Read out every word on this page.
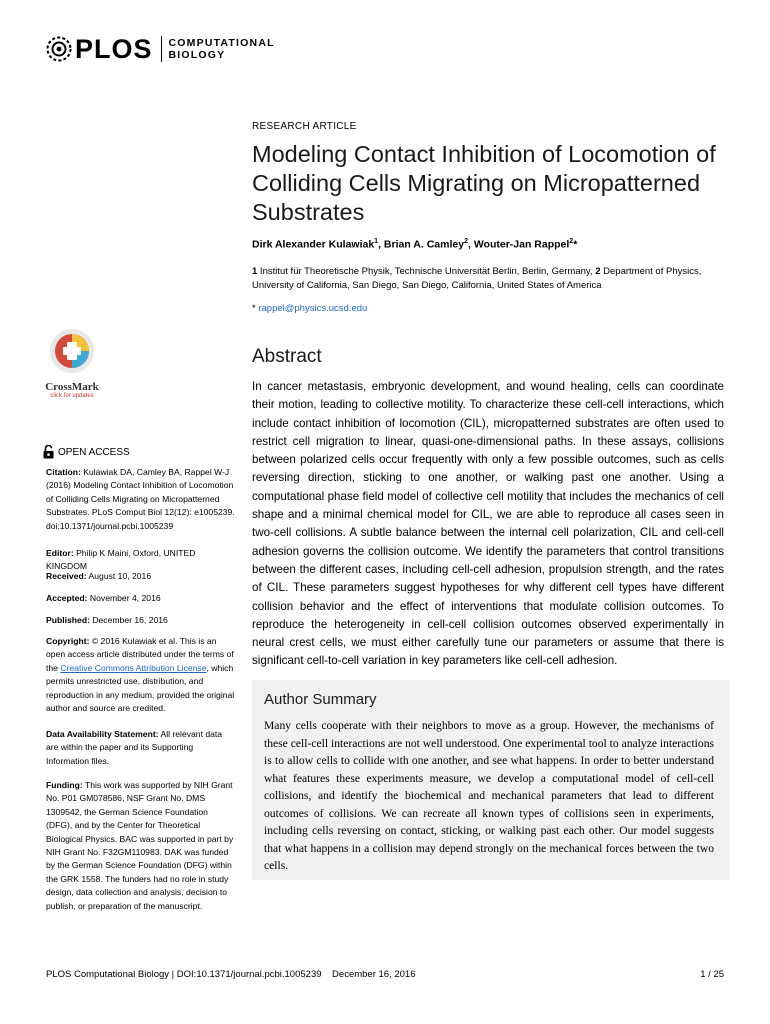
PLOS COMPUTATIONAL
BIOLOGY
RESEARCH ARTICLE
Modeling Contact Inhibition of Locomotion of Colliding Cells Migrating on Micropatterned Substrates
Dirk Alexander Kulawiak$^1$, Brian A. Camley$^2$, Wouter-Jan Rappel$^2$*
1 Institut für Theoretische Physik, Technische Universität Berlin, Berlin, Germany, 2 Department of Physics, University of California, San Diego, San Diego, California, United States of America
* rappel@physics.ucsd.edu
Abstract

In cancer metastasis, embryonic development, and wound healing, cells can coordinate their motion, leading to collective motility. To characterize these cell-cell interactions, which include contact inhibition of locomotion (CIL), micropatterned substrates are often used to restrict cell migration to linear, quasi-one-dimensional paths. In these assays, collisions between polarized cells occur frequently with only a few possible outcomes, such as cells reversing direction, sticking to one another, or walking past one another. Using a computational phase field model of collective cell motility that includes the mechanics of cell shape and a minimal chemical model for CIL, we are able to reproduce all cases seen in two-cell collisions. A subtle balance between the internal cell polarization, CIL and cell-cell adhesion governs the collision outcome. We identify the parameters that control transitions between the different cases, including cell-cell adhesion, propulsion strength, and the rates of CIL. These parameters suggest hypotheses for why different cell types have different collision behavior and the effect of interventions that modulate collision outcomes. To reproduce the heterogeneity in cell-cell collision outcomes observed experimentally in neural crest cells, we must either carefully tune our parameters or assume that there is significant cell-to-cell variation in key parameters like cell-cell adhesion.

Author Summary

Many cells cooperate with their neighbors to move as a group. However, the mechanisms of these cell-cell interactions are not well understood. One experimental tool to analyze interactions is to allow cells to collide with one another, and see what happens. In order to better understand what features these experiments measure, we develop a computational model of cell-cell collisions, and identify the biochemical and mechanical parameters that lead to different outcomes of collisions. We can recreate all known types of collisions seen in experiments, including cells reversing on contact, sticking, or walking past each other. Our model suggests that what happens in a collision may depend strongly on the mechanical forces between the two cells.

CrossMark
click for updates
OPEN ACCESS
Citation: Kulawiak DA, Camley BA, Rappel W-J (2016) Modeling Contact Inhibition of Locomotion of Colliding Cells Migrating on Micropatterned Substrates. PLoS Comput Biol 12(12): e1005239. doi:10.1371/journal.pcbi.1005239
Editor: Philip K Maini, Oxford, UNITED KINGDOM
Received: August 10, 2016
Accepted: November 4, 2016
Published: December 16, 2016
Copyright: © 2016 Kulawiak et al. This is an open access article distributed under the terms of the Creative Commons Attribution License, which permits unrestricted use, distribution, and reproduction in any medium, provided the original author and source are credited.
Data Availability Statement: All relevant data are within the paper and its Supporting Information files.
Funding: This work was supported by NIH Grant No. P01 GM078586, NSF Grant No. DMS 1309542, the German Science Foundation (DFG), and by the Center for Theoretical Biological Physics. BAC was supported in part by NIH Grant No. F32GM110983. DAK was funded by the German Science Foundation (DFG) within the GRK 1558. The funders had no role in study design, data collection and analysis, decision to publish, or preparation of the manuscript.
PLOS Computational Biology | DOI:10.1371/journal.pcbi.1005239    December 16, 2016	1 / 25
